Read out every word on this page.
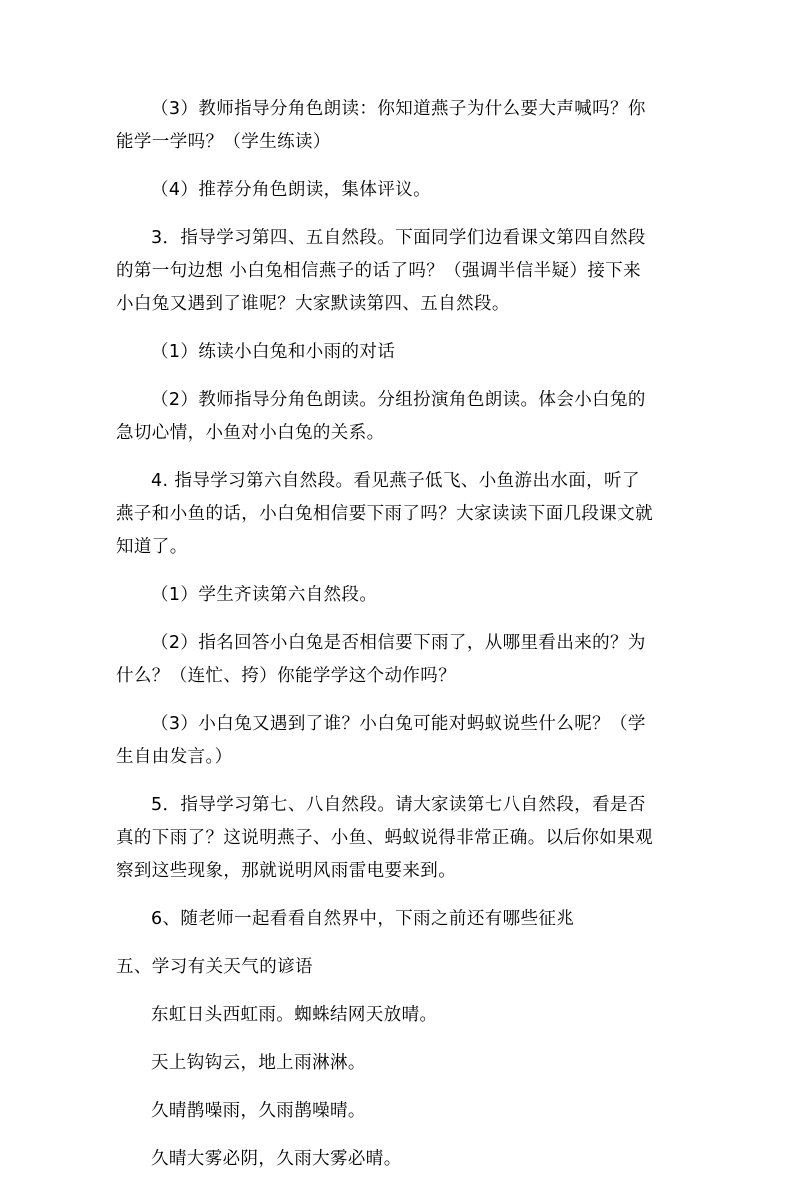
（3）教师指导分角色朗读：你知道燕子为什么要大声喊吗？你
能学一学吗？（学生练读）
（4）推荐分角色朗读，集体评议。
3．指导学习第四、五自然段。下面同学们边看课文第四自然段
的第一句边想 小白兔相信燕子的话了吗？（强调半信半疑）接下来
小白兔又遇到了谁呢？大家默读第四、五自然段。
（1）练读小白兔和小雨的对话
（2）教师指导分角色朗读。分组扮演角色朗读。体会小白兔的
急切心情，小鱼对小白兔的关系。
4. 指导学习第六自然段。看见燕子低飞、小鱼游出水面，听了
燕子和小鱼的话，小白兔相信要下雨了吗？大家读读下面几段课文就
知道了。
（1）学生齐读第六自然段。
（2）指名回答小白兔是否相信要下雨了，从哪里看出来的？为
什么？（连忙、挎）你能学学这个动作吗？
（3）小白兔又遇到了谁？小白兔可能对蚂蚁说些什么呢？（学
生自由发言。）
5．指导学习第七、八自然段。请大家读第七八自然段，看是否
真的下雨了？这说明燕子、小鱼、蚂蚁说得非常正确。以后你如果观
察到这些现象，那就说明风雨雷电要来到。
6、随老师一起看看自然界中，下雨之前还有哪些征兆
五、学习有关天气的谚语
东虹日头西虹雨。蜘蛛结网天放晴。
天上钩钩云，地上雨淋淋。
久晴鹊噪雨，久雨鹊噪晴。
久晴大雾必阴，久雨大雾必晴。
